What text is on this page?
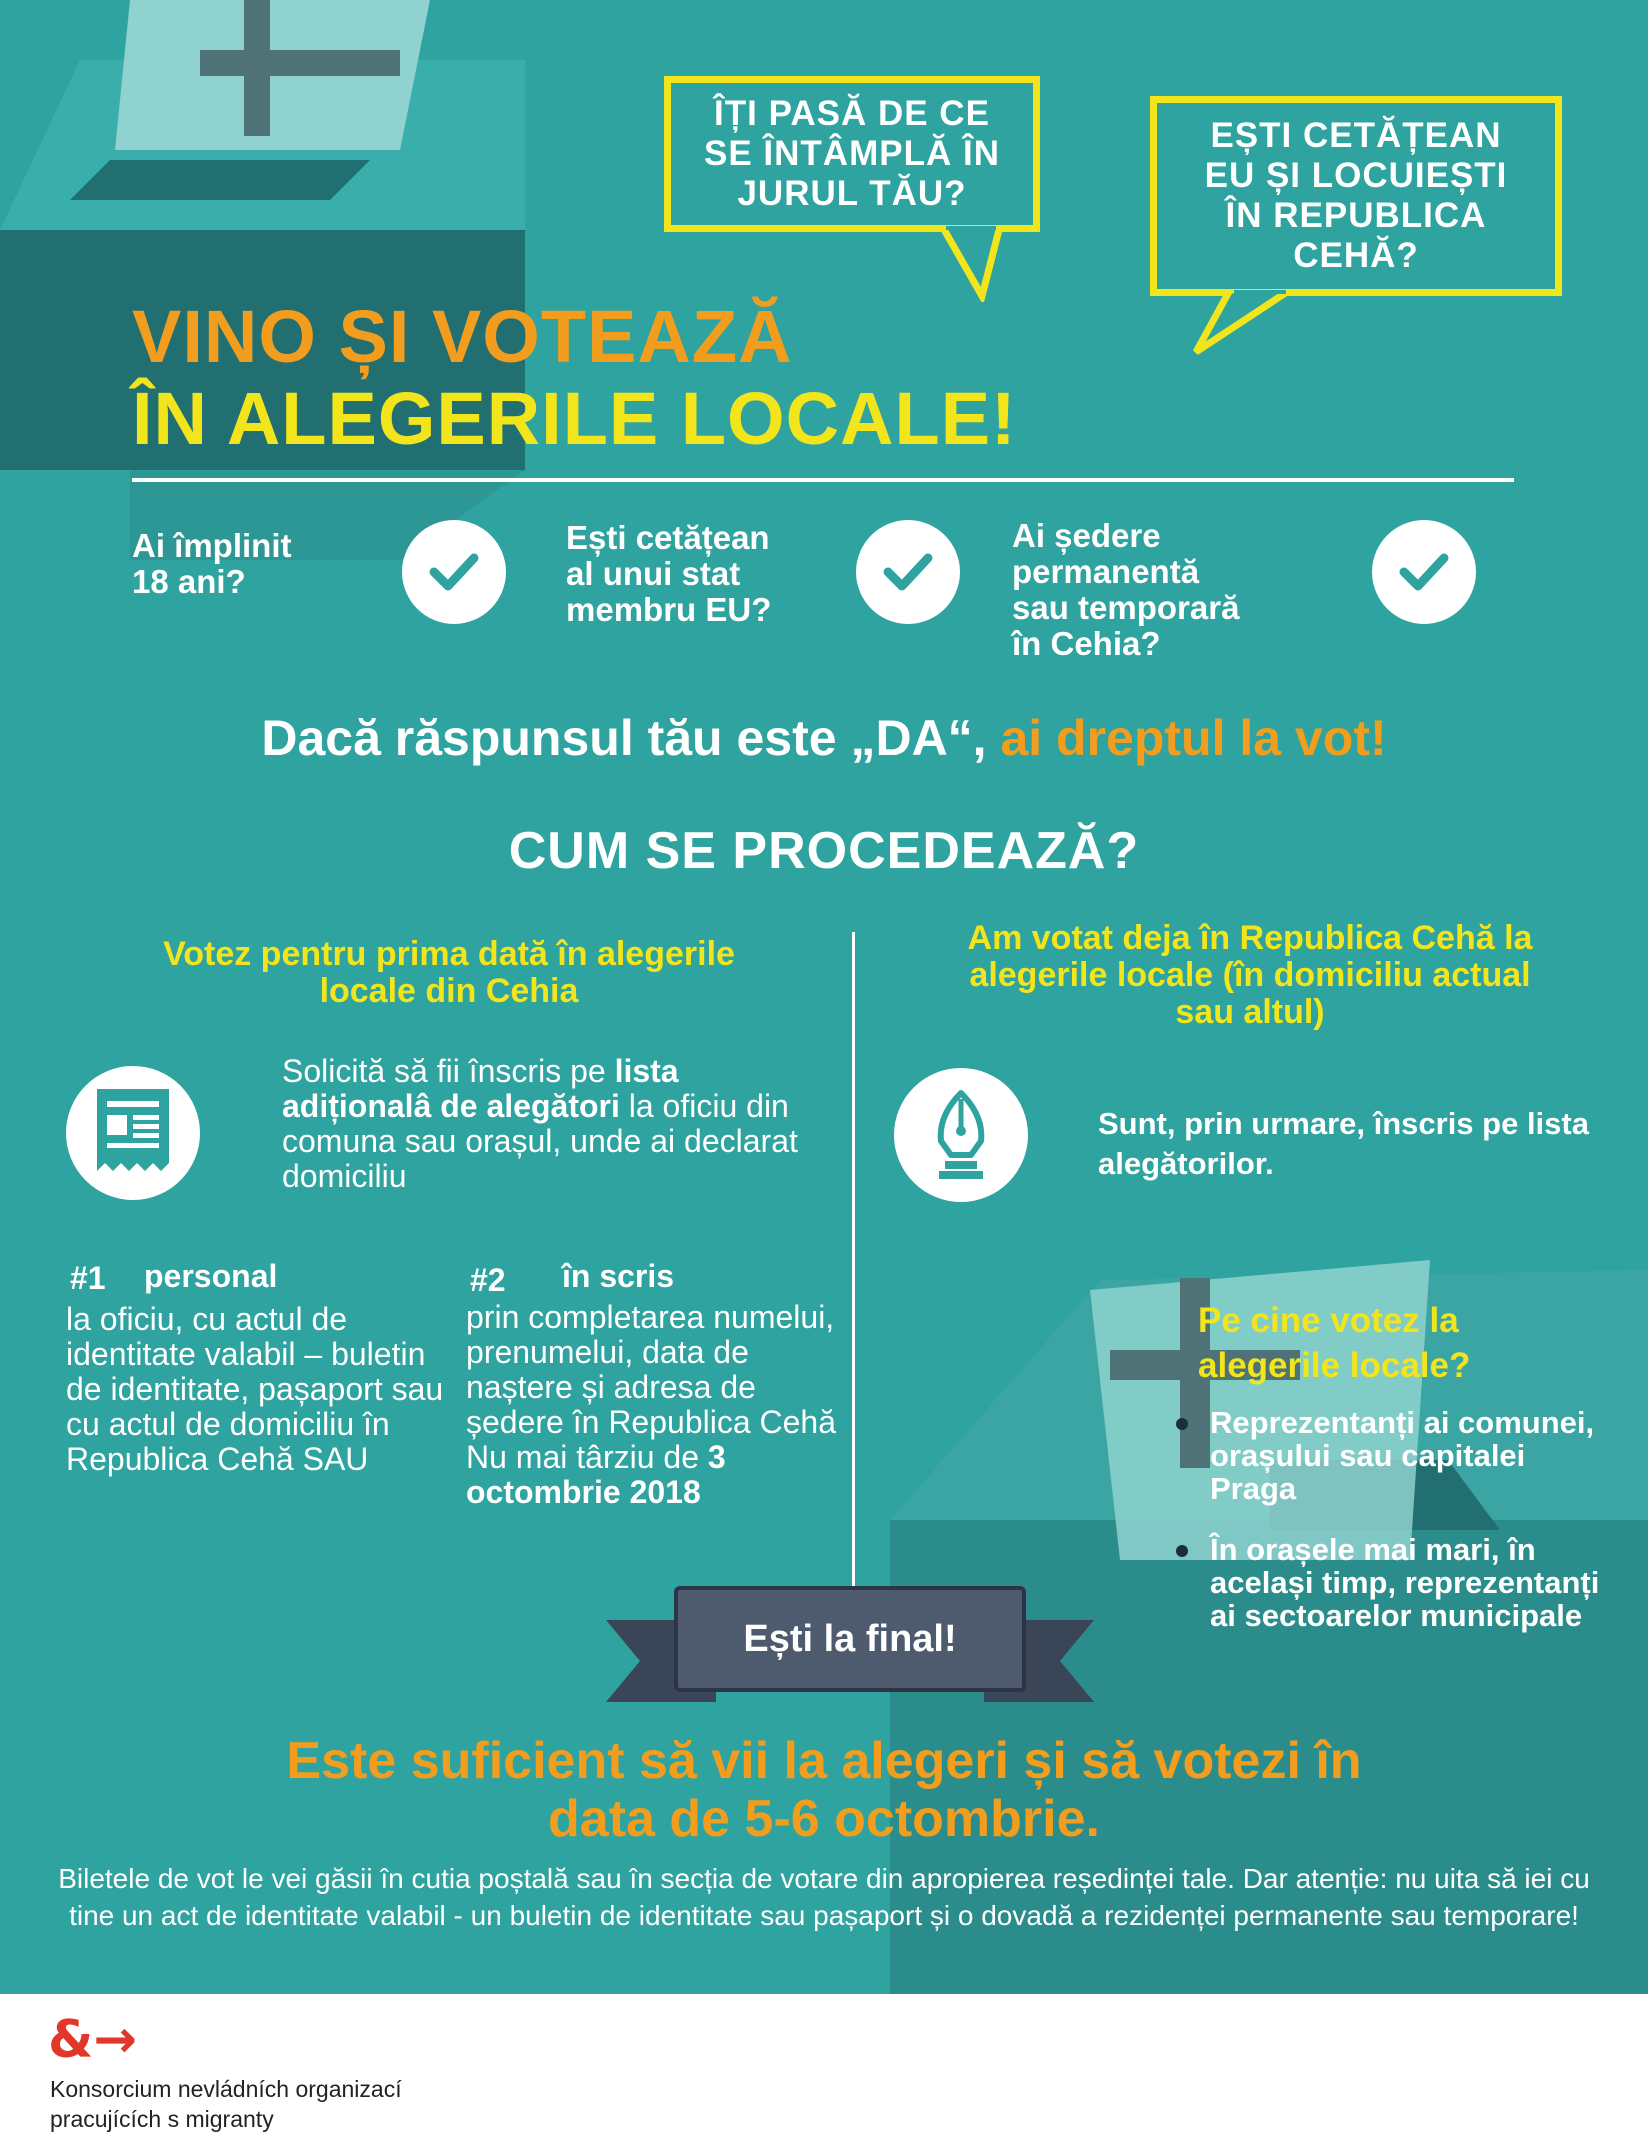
ÎȚI PASĂ DE CE
SE ÎNTÂMPLĂ ÎN
JURUL TĂU?
EȘTI CETĂȚEAN
EU ȘI LOCUIEȘTI
ÎN REPUBLICA
CEHĂ?
VINO ȘI VOTEAZĂ
ÎN ALEGERILE LOCALE!
Ai împlinit
18 ani?
Ești cetățean
al unui stat
membru EU?
Ai ședere
permanentă
sau temporară
în Cehia?
Dacă răspunsul tău este „DA“, ai dreptul la vot!
CUM SE PROCEDEAZĂ?
Votez pentru prima dată în alegerile
locale din Cehia
Solicită să fii înscris pe lista adiționalâ de alegători la oficiu din comuna sau orașul, unde ai declarat domiciliu
#1 personal
la oficiu, cu actul de identitate valabil – buletin de identitate, pașaport sau cu actul de domiciliu în Republica Cehă SAU
#2 în scris
prin completarea numelui, prenumelui, data de naștere și adresa de ședere în Republica Cehă Nu mai târziu de 3 octombrie 2018
Am votat deja în Republica Cehă la
alegerile locale (în domiciliu actual
sau altul)
Sunt, prin urmare, înscris pe lista alegătorilor.
Pe cine votez la alegerile locale?
Reprezentanți ai comunei, orașului sau capitalei Praga
În orașele mai mari, în același timp, reprezentanți ai sectoarelor municipale
Ești la final!
Este suficient să vii la alegeri și să votezi în data de 5-6 octombrie.
Biletele de vot le vei găsii în cutia poștală sau în secția de votare din apropierea reședinței tale. Dar atenție: nu uita să iei cu tine un act de identitate valabil - un buletin de identitate sau pașaport și o dovadă a rezidenței permanente sau temporare!
&→
Konsorcium nevládních organizací
pracujících s migranty
